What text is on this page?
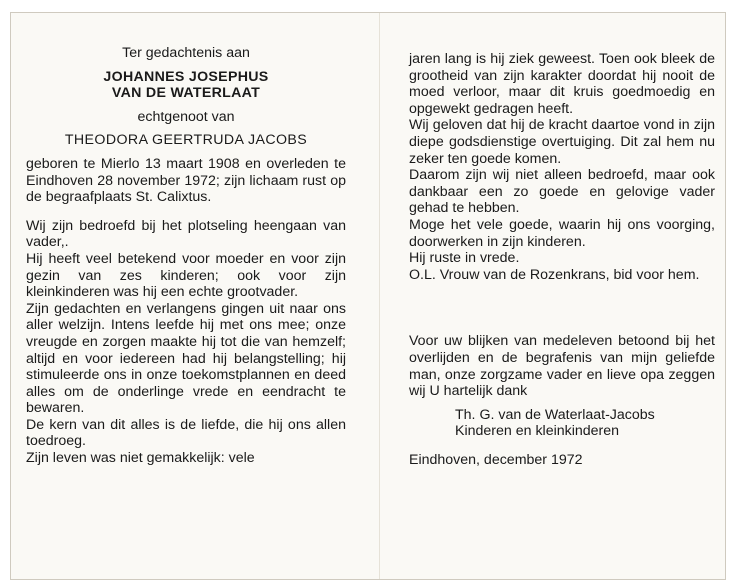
Ter gedachtenis aan
JOHANNES JOSEPHUS
VAN DE WATERLAAT
echtgenoot van
THEODORA GEERTRUDA JACOBS

geboren te Mierlo 13 maart 1908 en overleden te Eindhoven 28 november 1972; zijn lichaam rust op de begraafplaats St. Calixtus.

Wij zijn bedroefd bij het plotseling heengaan van vader,.

Hij heeft veel betekend voor moeder en voor zijn gezin van zes kinderen; ook voor zijn kleinkinderen was hij een echte grootvader.

Zijn gedachten en verlangens gingen uit naar ons aller welzijn. Intens leefde hij met ons mee; onze vreugde en zorgen maakte hij tot die van hemzelf; altijd en voor iedereen had hij belangstelling; hij stimuleerde ons in onze toekomstplannen en deed alles om de onderlinge vrede en eendracht te bewaren.

De kern van dit alles is de liefde, die hij ons allen toedroeg.

Zijn leven was niet gemakkelijk: vele

jaren lang is hij ziek geweest. Toen ook bleek de grootheid van zijn karakter doordat hij nooit de moed verloor, maar dit kruis goedmoedig en opgewekt gedragen heeft.

Wij geloven dat hij de kracht daartoe vond in zijn diepe godsdienstige overtuiging. Dit zal hem nu zeker ten goede komen.

Daarom zijn wij niet alleen bedroefd, maar ook dankbaar een zo goede en gelovige vader gehad te hebben.

Moge het vele goede, waarin hij ons voorging, doorwerken in zijn kinderen.

Hij ruste in vrede.

O.L. Vrouw van de Rozenkrans, bid voor hem.

Voor uw blijken van medeleven betoond bij het overlijden en de begrafenis van mijn geliefde man, onze zorgzame vader en lieve opa zeggen wij U hartelijk dank

Th. G. van de Waterlaat-Jacobs
Kinderen en kleinkinderen
Eindhoven, december 1972
